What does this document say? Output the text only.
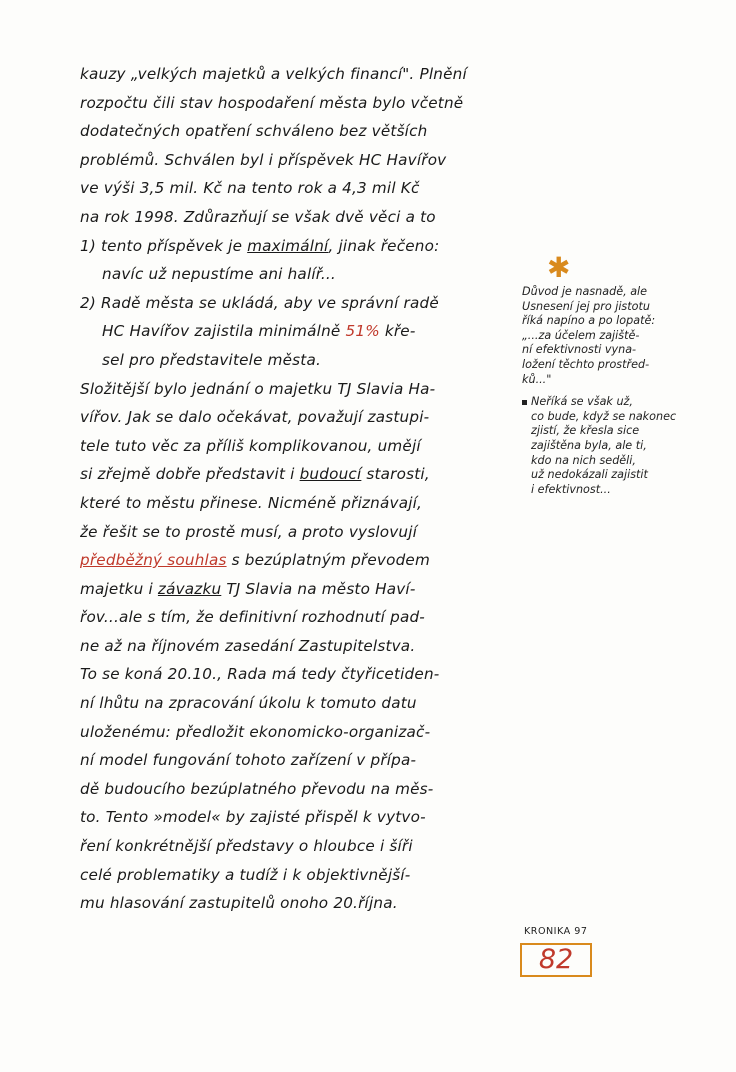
kauzy „velkých majetků a velkých financí". Plnění
rozpočtu čili stav hospodaření města bylo včetně
dodatečných opatření schváleno bez větších
problémů. Schválen byl i příspěvek HC Havířov
ve výši 3,5 mil. Kč na tento rok a 4,3 mil Kč
na rok 1998. Zdůrazňují se však dvě věci a to
1) tento příspěvek je maximální, jinak řečeno:
navíc už nepustíme ani halíř...
2) Radě města se ukládá, aby ve správní radě
HC Havířov zajistila minimálně 51% kře-
sel pro představitele města.
Složitější bylo jednání o majetku TJ Slavia Ha-
vířov. Jak se dalo očekávat, považují zastupi-
tele tuto věc za příliš komplikovanou, umějí
si zřejmě dobře představit i budoucí starosti,
které to městu přinese. Nicméně přiznávají,
že řešit se to prostě musí, a proto vyslovují
předběžný souhlas s bezúplatným převodem
majetku i závazku TJ Slavia na město Haví-
řov...ale s tím, že definitivní rozhodnutí pad-
ne až na říjnovém zasedání Zastupitelstva.
To se koná 20.10., Rada má tedy čtyřicetiden-
ní lhůtu na zpracování úkolu k tomuto datu
uloženému: předložit ekonomicko-organizač-
ní model fungování tohoto zařízení v přípa-
dě budoucího bezúplatného převodu na měs-
to. Tento »model« by zajisté přispěl k vytvo-
ření konkrétnější představy o hloubce i šíři
celé problematiky a tudíž i k objektivnější-
mu hlasování zastupitelů onoho 20.října.
✱
Důvod je nasnadě, ale
Usnesení jej pro jistotu
říká napínо a po lopatě:
„...za účelem zajiště-
ní efektivnosti vyna-
ložení těchto prostřed-
ků..."
Neříká se však už,
co bude, když se nakonec
zjistí, že křesla sice
zajištěna byla, ale ti,
kdo na nich seděli,
už nedokázali zajistit
i efektivnost...
KRONIKA 97
82
